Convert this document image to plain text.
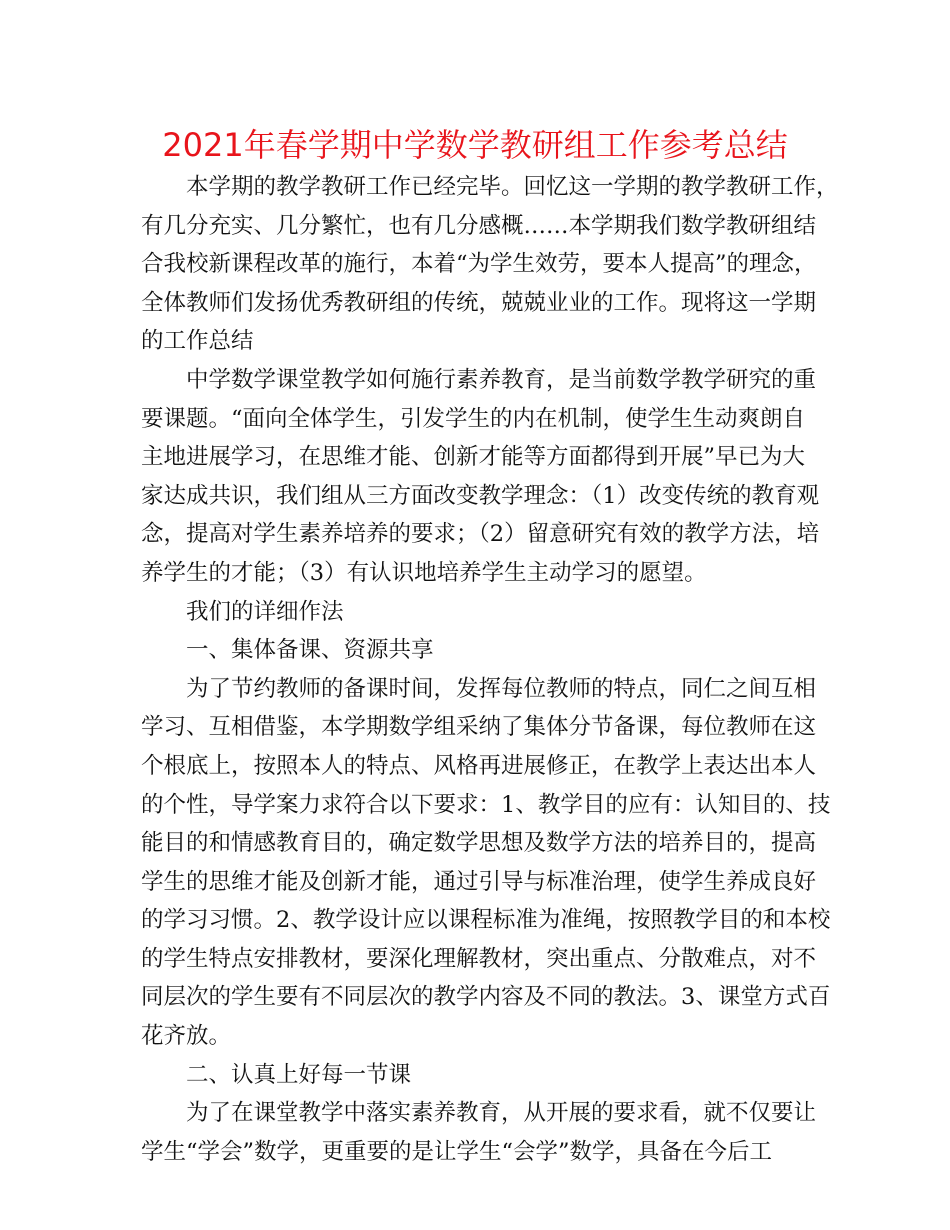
2021年春学期中学数学教研组工作参考总结
　　本学期的教学教研工作已经完毕。回忆这一学期的教学教研工作，
有几分充实、几分繁忙，也有几分感概……本学期我们数学教研组结
合我校新课程改革的施行，本着“为学生效劳，要本人提高”的理念，
全体教师们发扬优秀教研组的传统，兢兢业业的工作。现将这一学期
的工作总结
　　中学数学课堂教学如何施行素养教育，是当前数学教学研究的重
要课题。“面向全体学生，引发学生的内在机制，使学生生动爽朗自
主地进展学习，在思维才能、创新才能等方面都得到开展”早已为大
家达成共识，我们组从三方面改变教学理念：（1）改变传统的教育观
念，提高对学生素养培养的要求；（2）留意研究有效的教学方法，培
养学生的才能；（3）有认识地培养学生主动学习的愿望。
　　我们的详细作法
　　一、集体备课、资源共享
　　为了节约教师的备课时间，发挥每位教师的特点，同仁之间互相
学习、互相借鉴，本学期数学组采纳了集体分节备课，每位教师在这
个根底上，按照本人的特点、风格再进展修正，在教学上表达出本人
的个性，导学案力求符合以下要求：1、教学目的应有：认知目的、技
能目的和情感教育目的，确定数学思想及数学方法的培养目的，提高
学生的思维才能及创新才能，通过引导与标准治理，使学生养成良好
的学习习惯。2、教学设计应以课程标准为准绳，按照教学目的和本校
的学生特点安排教材，要深化理解教材，突出重点、分散难点，对不
同层次的学生要有不同层次的教学内容及不同的教法。3、课堂方式百
花齐放。
　　二、认真上好每一节课
　　为了在课堂教学中落实素养教育，从开展的要求看，就不仅要让
学生“学会”数学，更重要的是让学生“会学”数学，具备在今后工
